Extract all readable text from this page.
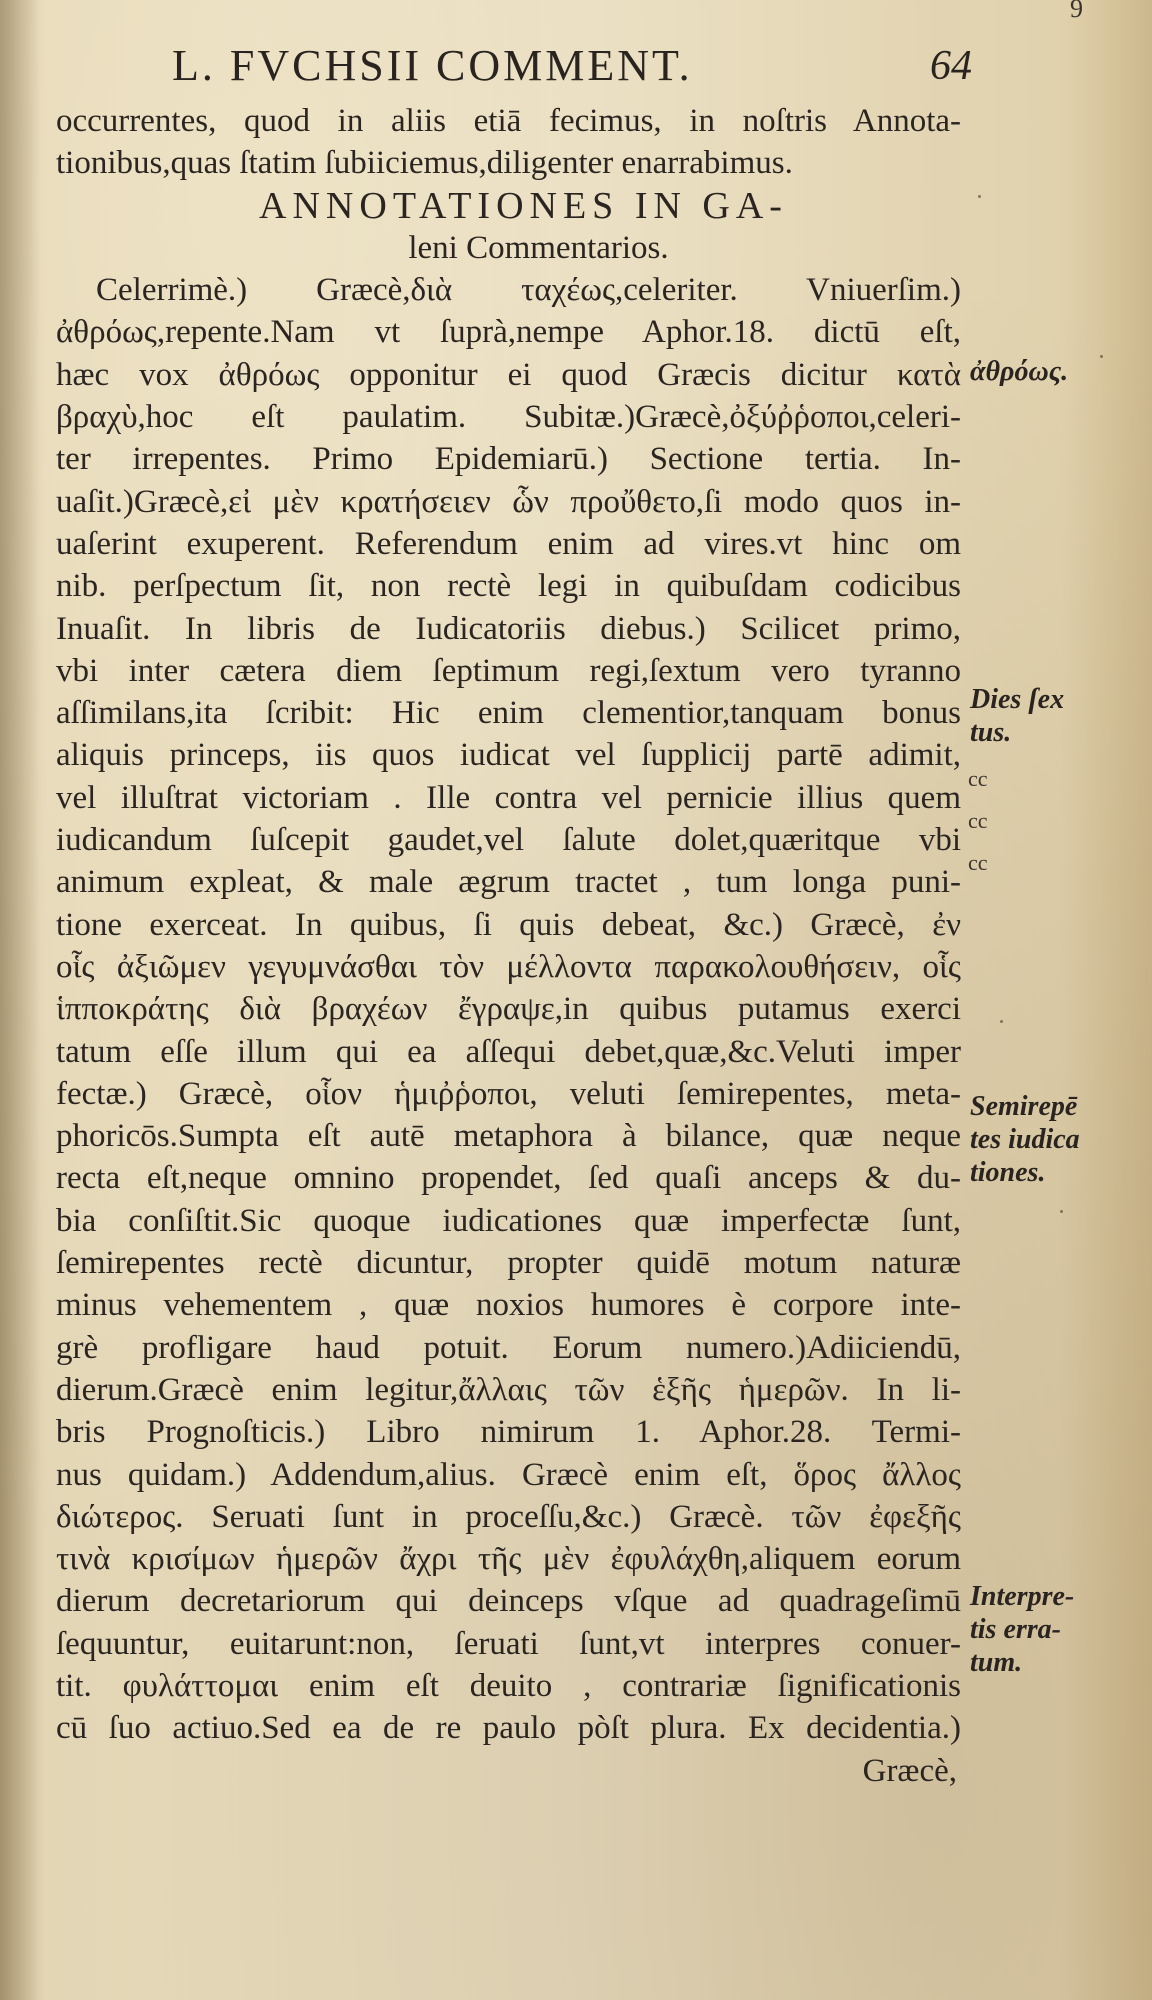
9
L. FVCHSII COMMENT.	64
occurrentes, quod in aliis etiā fecimus, in noſtris Annota-
tionibus,quas ſtatim ſubiiciemus,diligenter enarrabimus.
ANNOTATIONES IN GA-
leni Commentarios.
Celerrimè.) Græcè,διὰ ταχέως,celeriter. Vniuerſim.)
ἀθρόως,repente.Nam vt ſuprà,nempe Aphor.18. dictū eſt,
hæc vox ἀθρόως opponitur ei quod Græcis dicitur κατὰ
βραχὺ,hoc eſt paulatim. Subitæ.)Græcè,ὀξύῤῥοποι,celeri-
ter irrepentes. Primo Epidemiarū.) Sectione tertia. In-
uaſit.)Græcè,εἰ μὲν κρατήσειεν ὧν προὔθετο,ſi modo quos in-
uaſerint exuperent. Referendum enim ad vires.vt hinc om
nib. perſpectum ſit, non rectè legi in quibuſdam codicibus
Inuaſit. In libris de Iudicatoriis diebus.) Scilicet primo,
vbi inter cætera diem ſeptimum regi,ſextum vero tyranno
aſſimilans,ita ſcribit: Hic enim clementior,tanquam bonus
aliquis princeps, iis quos iudicat vel ſupplicij partē adimit,
vel illuſtrat victoriam . Ille contra vel pernicie illius quem
iudicandum ſuſcepit gaudet,vel ſalute dolet,quæritque vbi
animum expleat, & male ægrum tractet , tum longa puni-
tione exerceat. In quibus, ſi quis debeat, &c.) Græcè, ἐν
οἷς ἀξιῶμεν γεγυμνάσθαι τὸν μέλλοντα παρακολουθήσειν, οἷς
ἱπποκράτης διὰ βραχέων ἔγραψε,in quibus putamus exerci
tatum eſſe illum qui ea aſſequi debet,quæ,&c.Veluti imper
fectæ.) Græcè, οἷον ἡμιῤῥοποι, veluti ſemirepentes, meta-
phoricōs.Sumpta eſt autē metaphora à bilance, quæ neque
recta eſt,neque omnino propendet, ſed quaſi anceps & du-
bia conſiſtit.Sic quoque iudicationes quæ imperfectæ ſunt,
ſemirepentes rectè dicuntur, propter quidē motum naturæ
minus vehementem , quæ noxios humores è corpore inte-
grè profligare haud potuit. Eorum numero.)Adiiciendū,
dierum.Græcè enim legitur,ἄλλαις τῶν ἑξῆς ἡμερῶν. In li-
bris Prognoſticis.) Libro nimirum 1. Aphor.28. Termi-
nus quidam.) Addendum,alius. Græcè enim eſt, ὅρος ἄλλος
διώτερος. Seruati ſunt in proceſſu,&c.) Græcè. τῶν ἐφεξῆς
τινὰ κρισίμων ἡμερῶν ἄχρι τῆς μὲν ἐφυλάχθη,aliquem eorum
dierum decretariorum qui deinceps vſque ad quadrageſimū
ſequuntur, euitarunt:non, ſeruati ſunt,vt interpres conuer-
tit. φυλάττομαι enim eſt deuito , contrariæ ſignificationis
cū ſuo actiuo.Sed ea de re paulo pòſt plura. Ex decidentia.)
Græcè,
ἀθρόως.
Dies ſex
tus.
cc
cc
cc
Semirepē
tes iudica
tiones.
Interpre-
tis erra-
tum.
